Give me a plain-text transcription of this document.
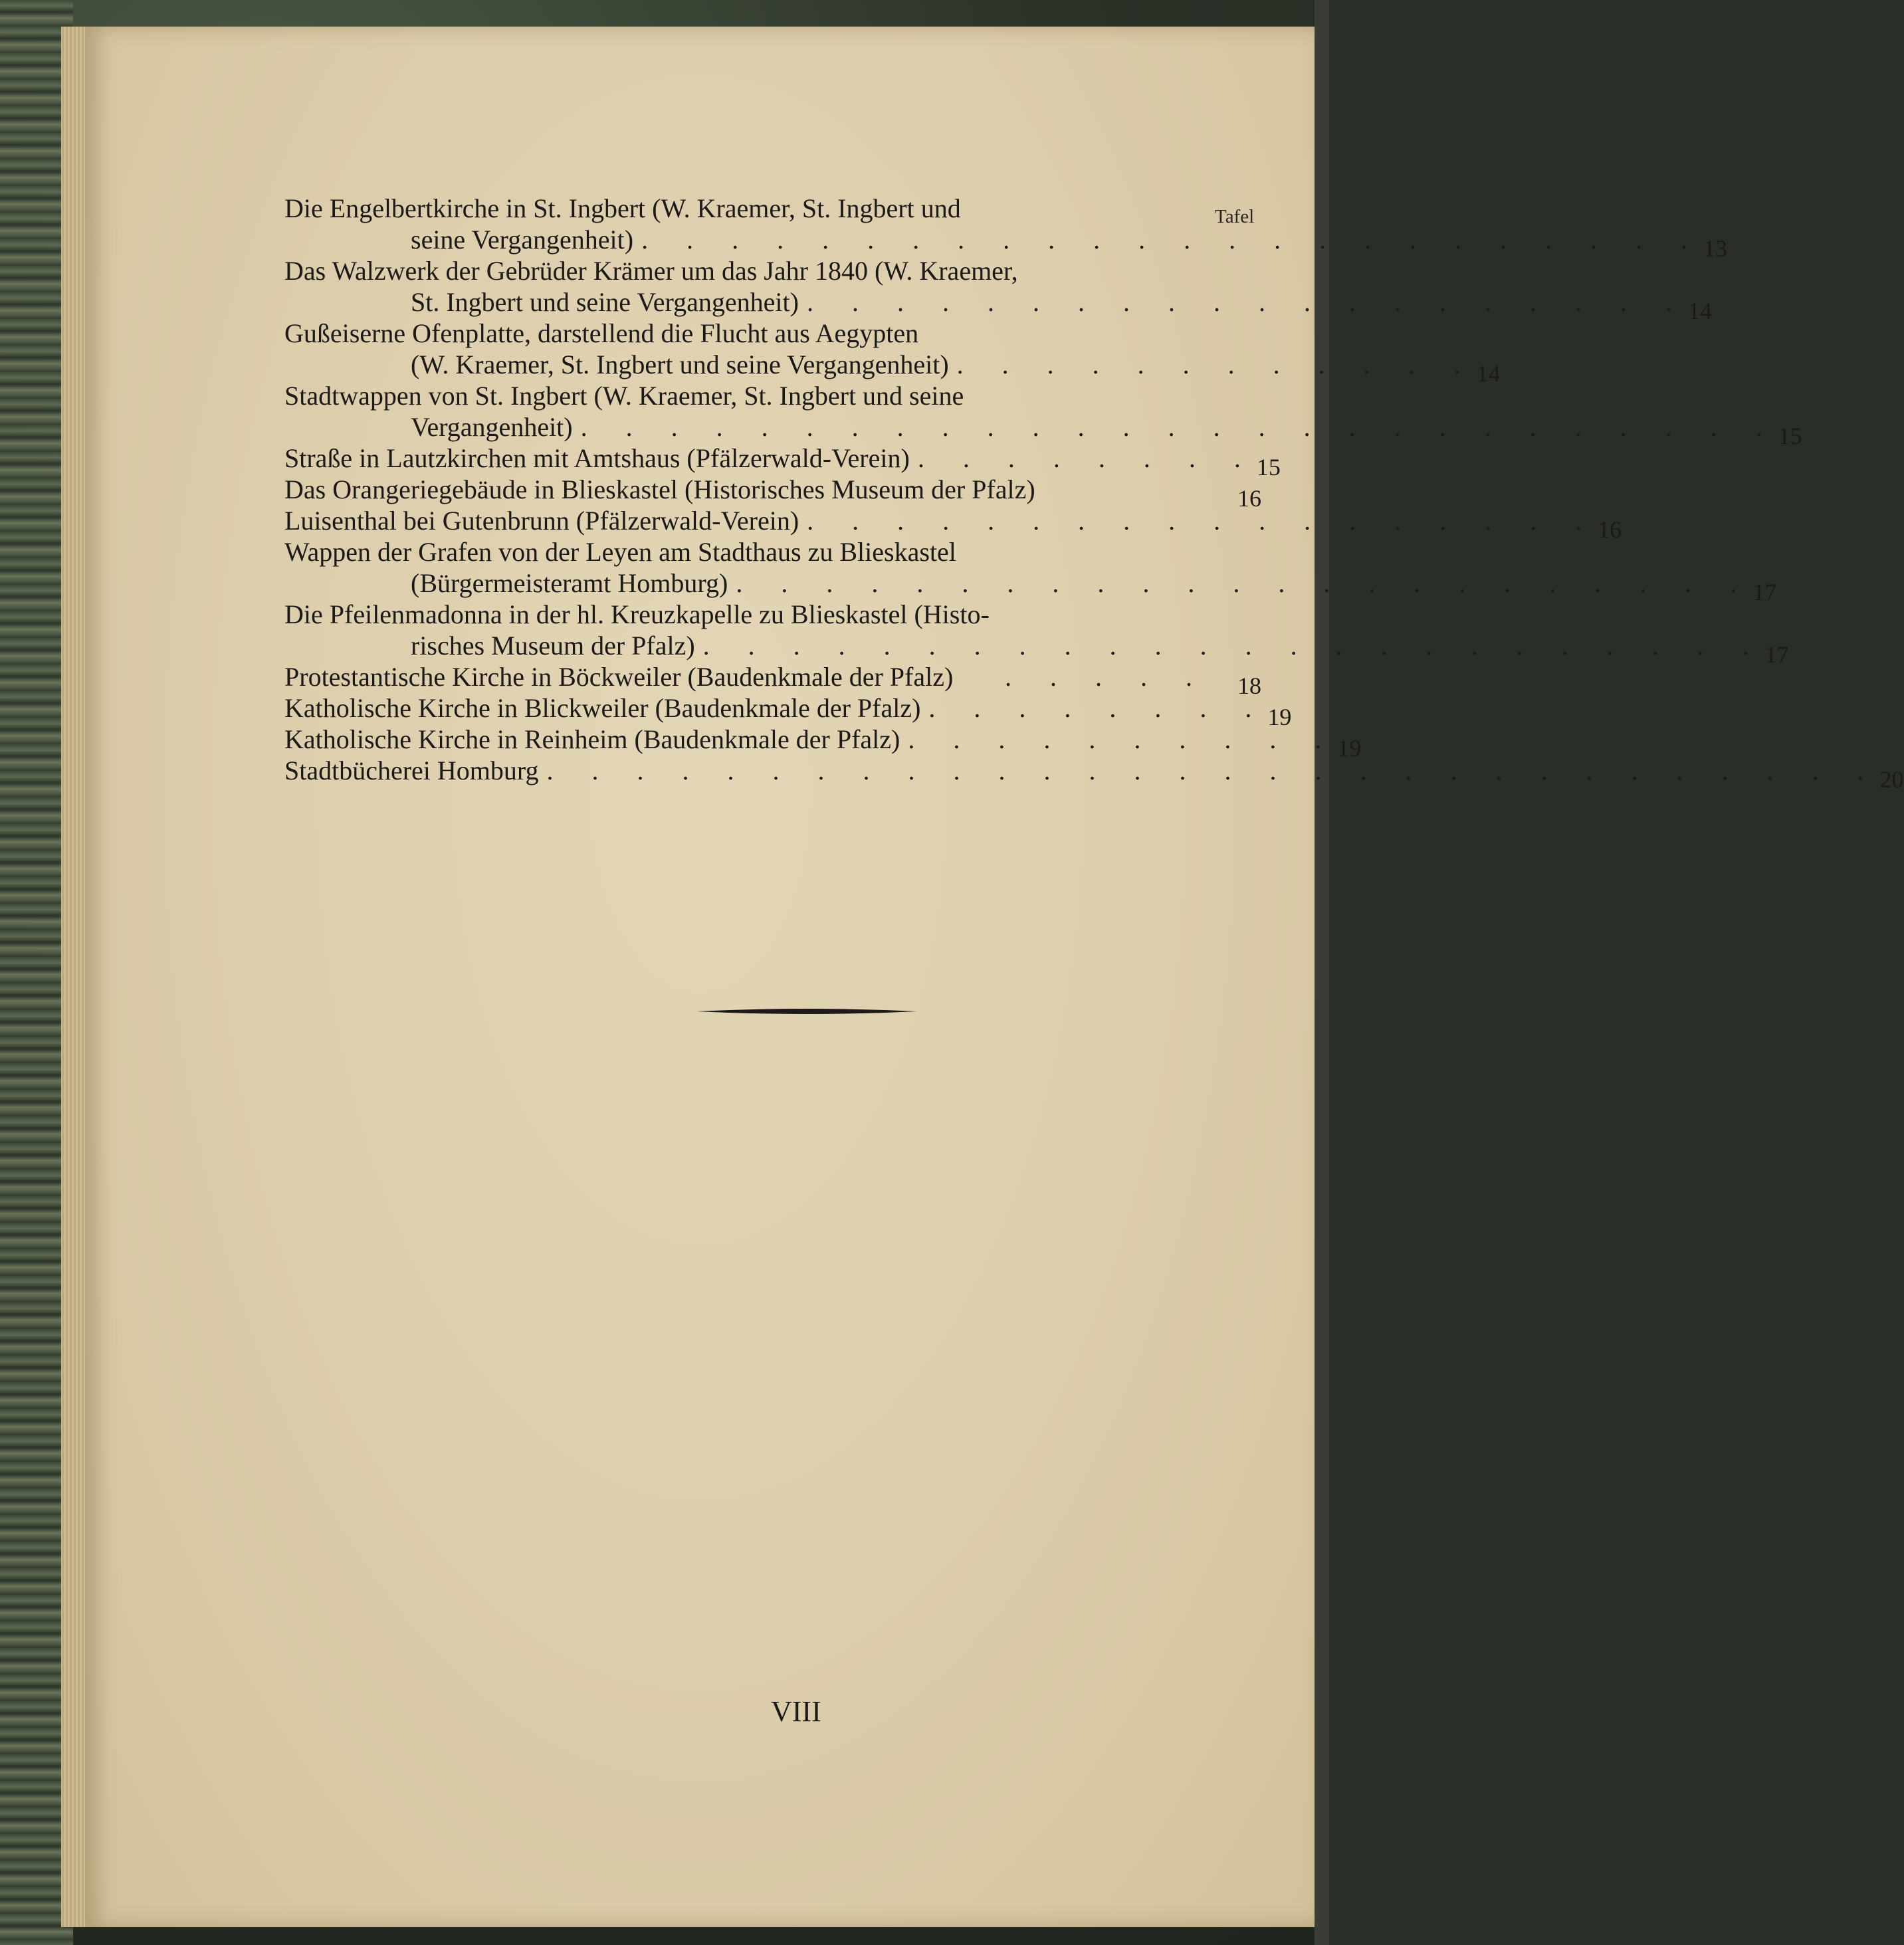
Tafel
Die Engelbertkirche in St. Ingbert (W. Kraemer, St. Ingbert und
seine Vergangenheit) . . . . . . . . . . . . . . . . . . . . . . . . 13
Das Walzwerk der Gebrüder Krämer um das Jahr 1840 (W. Kraemer,
St. Ingbert und seine Vergangenheit) . . . . . . . . . . . . . . . . . . . . 14
Gußeiserne Ofenplatte, darstellend die Flucht aus Aegypten
(W. Kraemer, St. Ingbert und seine Vergangenheit) . . . . . . . . . . . . 14
Stadtwappen von St. Ingbert (W. Kraemer, St. Ingbert und seine
Vergangenheit) . . . . . . . . . . . . . . . . . . . . . . . . . . . 15
Straße in Lautzkirchen mit Amtshaus (Pfälzerwald-Verein) . . . . . . . . 15
Das Orangeriegebäude in Blieskastel (Historisches Museum der Pfalz)	16
Luisenthal bei Gutenbrunn (Pfälzerwald-Verein) . . . . . . . . . . . . . . . . . . 16
Wappen der Grafen von der Leyen am Stadthaus zu Blieskastel
(Bürgermeisteramt Homburg) . . . . . . . . . . . . . . . . . . . . . . . 17
Die Pfeilenmadonna in der hl. Kreuzkapelle zu Blieskastel (Histo-
risches Museum der Pfalz) . . . . . . . . . . . . . . . . . . . . . . . . 17
Protestantische Kirche in Böckweiler (Baudenkmale der Pfalz)	. . . . .	18
Katholische Kirche in Blickweiler (Baudenkmale der Pfalz) . . . . . . . . 19
Katholische Kirche in Reinheim (Baudenkmale der Pfalz) . . . . . . . . . . 19
Stadtbücherei Homburg . . . . . . . . . . . . . . . . . . . . . . . . . . . . . . 20
VIII
